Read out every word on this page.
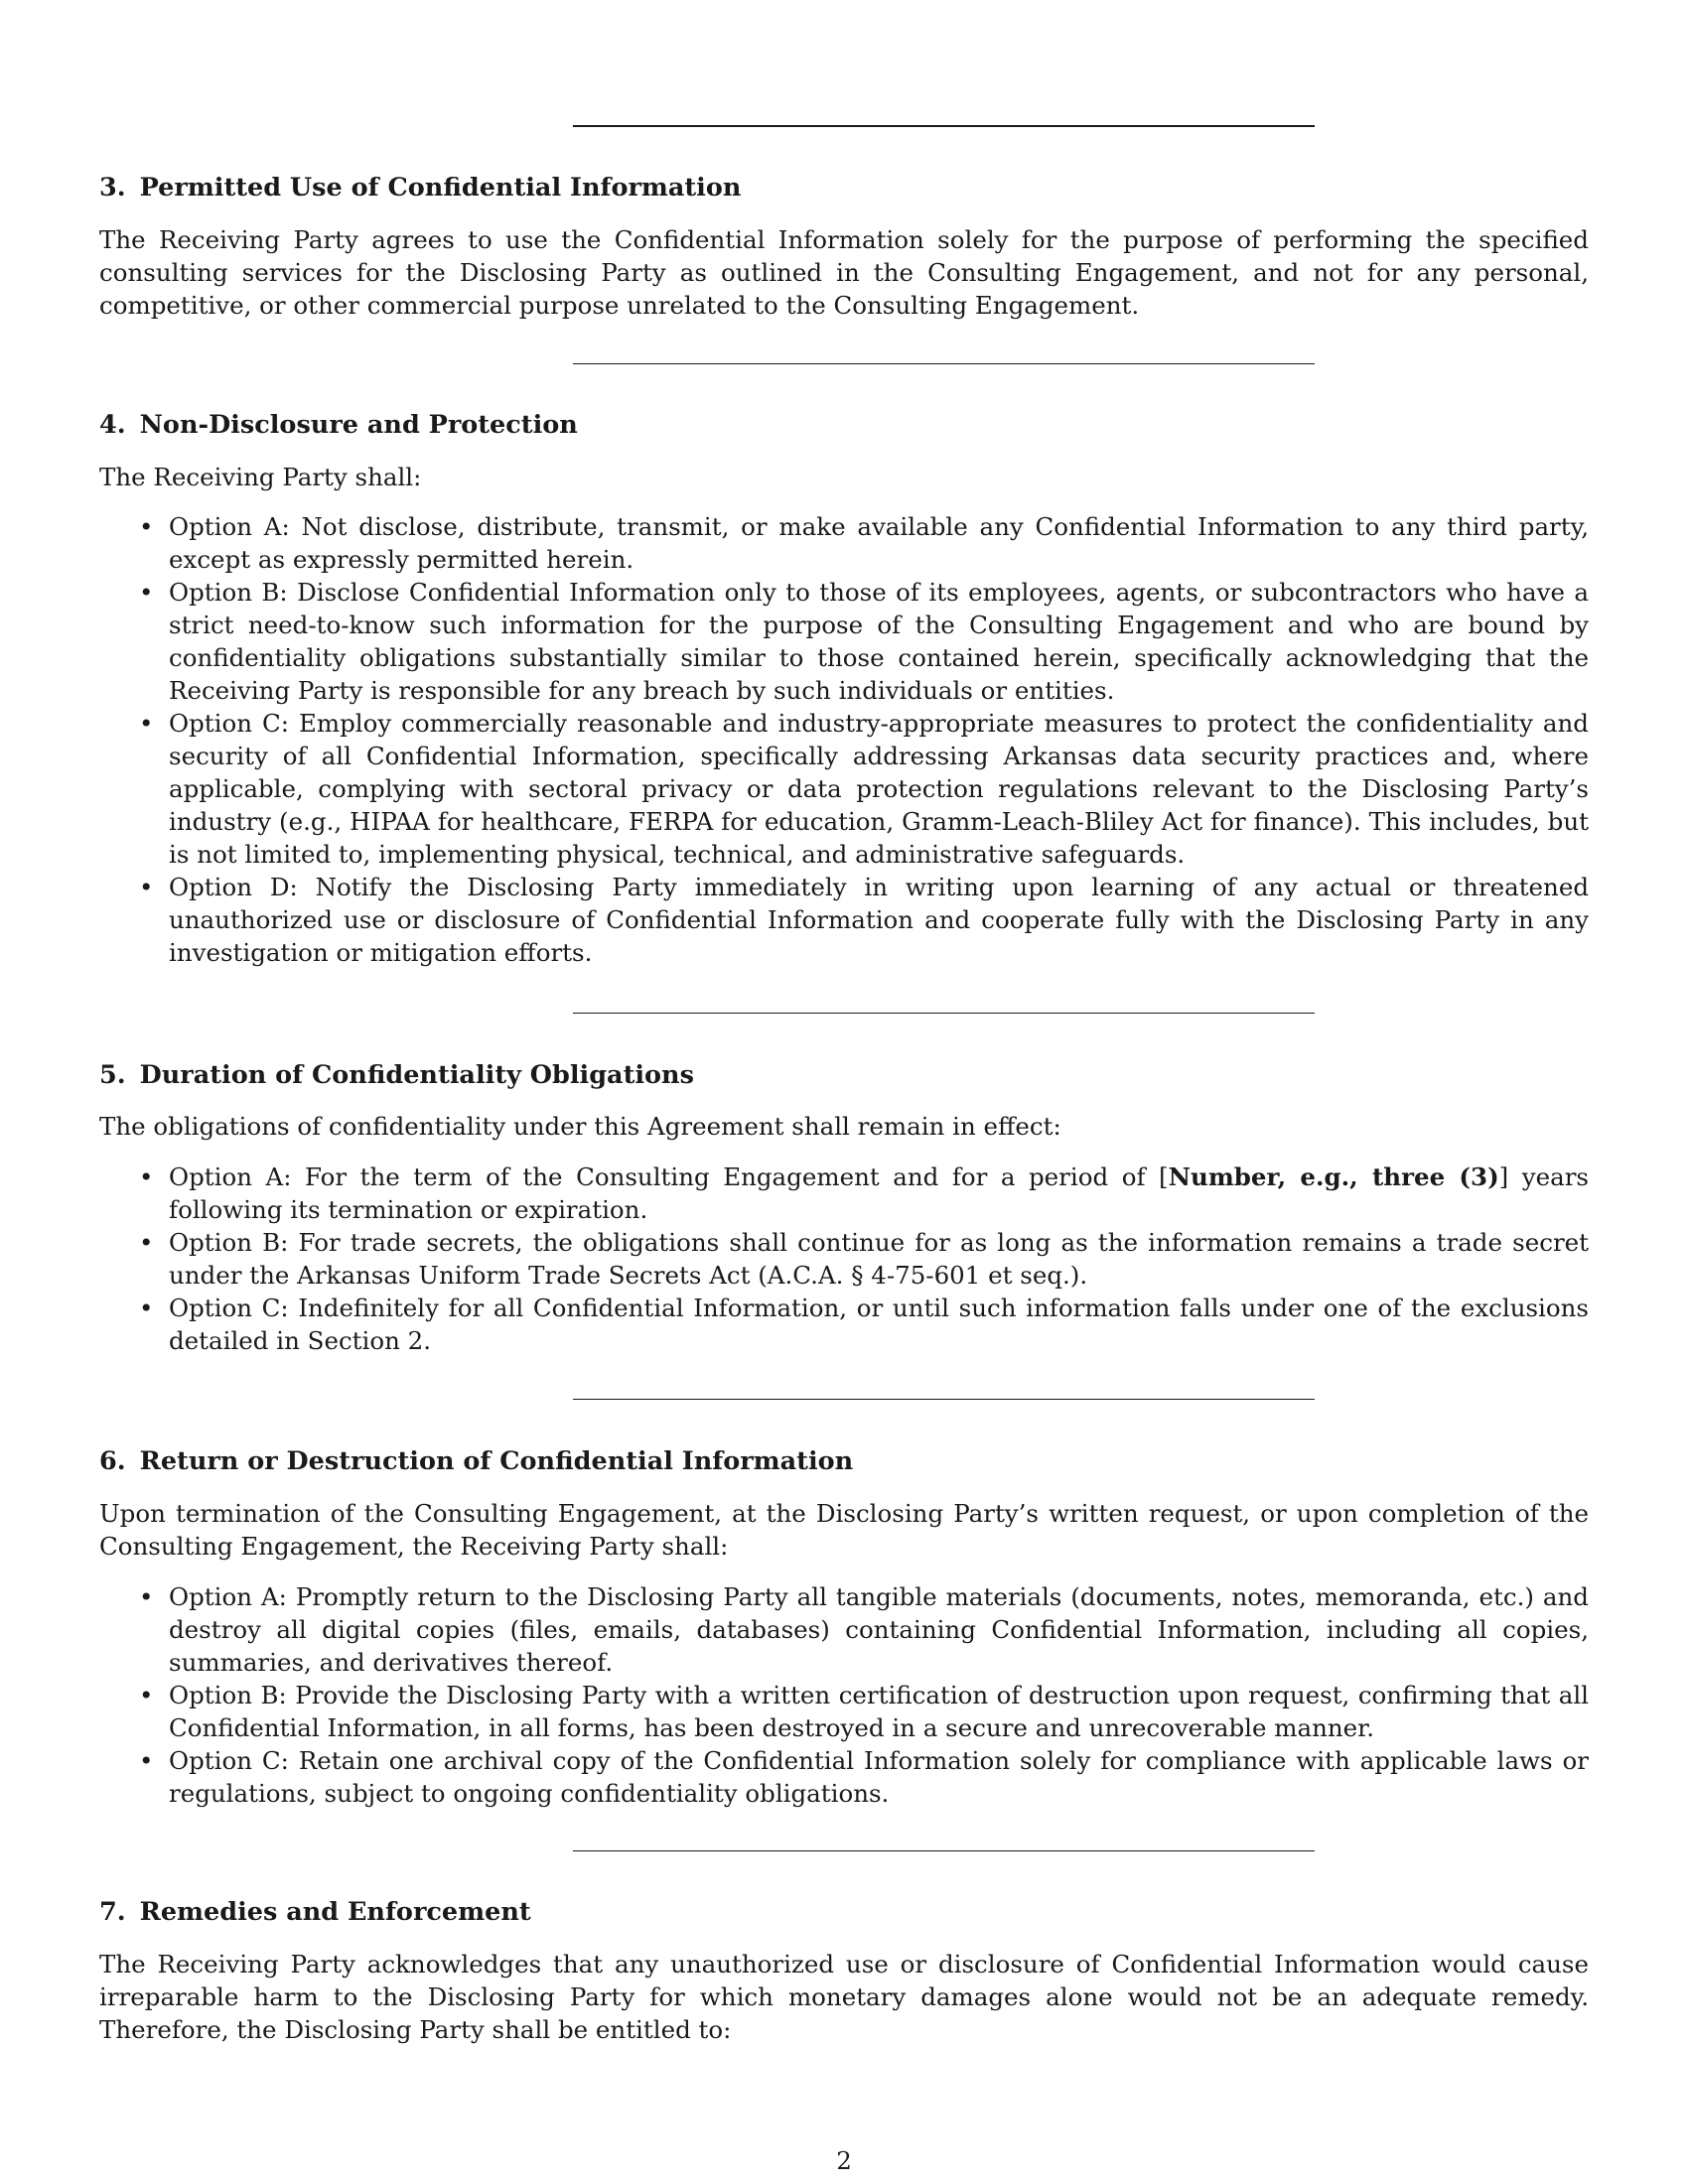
3. Permitted Use of Confidential Information

The Receiving Party agrees to use the Confidential Information solely for the purpose of performing the specified consulting services for the Disclosing Party as outlined in the Consulting Engagement, and not for any personal, competitive, or other commercial purpose unrelated to the Consulting Engagement.

4. Non-Disclosure and Protection

The Receiving Party shall:

• Option A: Not disclose, distribute, transmit, or make available any Confidential Information to any third party, except as expressly permitted herein.
• Option B: Disclose Confidential Information only to those of its employees, agents, or subcontractors who have a strict need-to-know such information for the purpose of the Consulting Engagement and who are bound by confidentiality obligations substantially similar to those contained herein, specifically acknowledging that the Receiving Party is responsible for any breach by such individuals or entities.
• Option C: Employ commercially reasonable and industry-appropriate measures to protect the confidentiality and security of all Confidential Information, specifically addressing Arkansas data security practices and, where applicable, complying with sectoral privacy or data protection regulations relevant to the Disclosing Party’s industry (e.g., HIPAA for healthcare, FERPA for education, Gramm-Leach-Bliley Act for finance). This includes, but is not limited to, implementing physical, technical, and administrative safeguards.
• Option D: Notify the Disclosing Party immediately in writing upon learning of any actual or threatened unauthorized use or disclosure of Confidential Information and cooperate fully with the Disclosing Party in any investigation or mitigation efforts.
5. Duration of Confidentiality Obligations

The obligations of confidentiality under this Agreement shall remain in effect:

• Option A: For the term of the Consulting Engagement and for a period of [Number, e.g., three (3)] years following its termination or expiration.
• Option B: For trade secrets, the obligations shall continue for as long as the information remains a trade secret under the Arkansas Uniform Trade Secrets Act (A.C.A. § 4-75-601 et seq.).
• Option C: Indefinitely for all Confidential Information, or until such information falls under one of the exclusions detailed in Section 2.
6. Return or Destruction of Confidential Information

Upon termination of the Consulting Engagement, at the Disclosing Party’s written request, or upon completion of the Consulting Engagement, the Receiving Party shall:

• Option A: Promptly return to the Disclosing Party all tangible materials (documents, notes, memoranda, etc.) and destroy all digital copies (files, emails, databases) containing Confidential Information, including all copies, summaries, and derivatives thereof.
• Option B: Provide the Disclosing Party with a written certification of destruction upon request, confirming that all Confidential Information, in all forms, has been destroyed in a secure and unrecoverable manner.
• Option C: Retain one archival copy of the Confidential Information solely for compliance with applicable laws or regulations, subject to ongoing confidentiality obligations.
7. Remedies and Enforcement

The Receiving Party acknowledges that any unauthorized use or disclosure of Confidential Information would cause irreparable harm to the Disclosing Party for which monetary damages alone would not be an adequate remedy. Therefore, the Disclosing Party shall be entitled to:

2
